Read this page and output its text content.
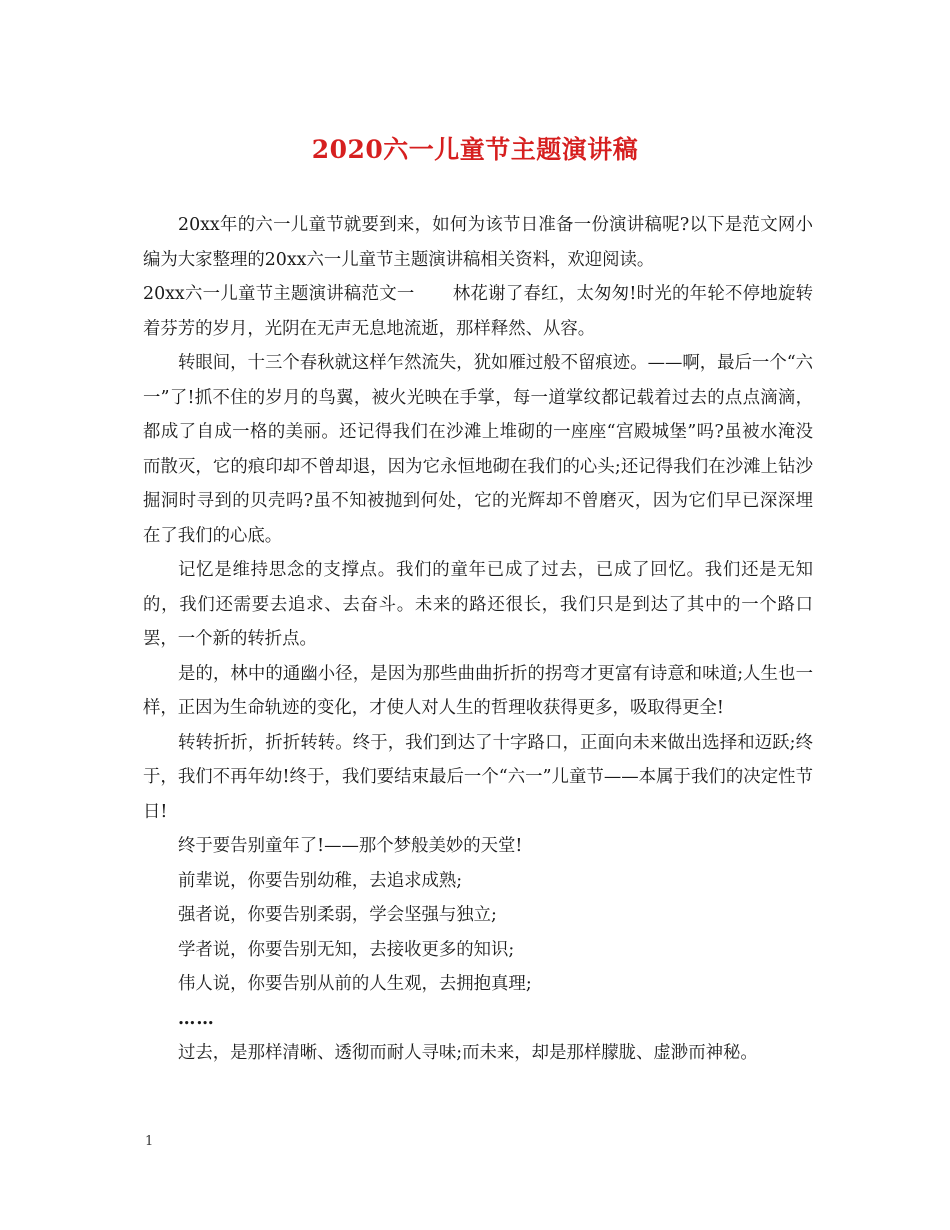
2020六一儿童节主题演讲稿

20xx年的六一儿童节就要到来，如何为该节日准备一份演讲稿呢?以下是范文网小编为大家整理的20xx六一儿童节主题演讲稿相关资料，欢迎阅读。

20xx六一儿童节主题演讲稿范文一 林花谢了春红，太匆匆!时光的年轮不停地旋转着芬芳的岁月，光阴在无声无息地流逝，那样释然、从容。

转眼间，十三个春秋就这样乍然流失，犹如雁过般不留痕迹。——啊，最后一个“六一”了!抓不住的岁月的鸟翼，被火光映在手掌，每一道掌纹都记载着过去的点点滴滴，都成了自成一格的美丽。还记得我们在沙滩上堆砌的一座座“宫殿城堡”吗?虽被水淹没而散灭，它的痕印却不曾却退，因为它永恒地砌在我们的心头;还记得我们在沙滩上钻沙掘洞时寻到的贝壳吗?虽不知被抛到何处，它的光辉却不曾磨灭，因为它们早已深深埋在了我们的心底。

记忆是维持思念的支撑点。我们的童年已成了过去，已成了回忆。我们还是无知的，我们还需要去追求、去奋斗。未来的路还很长，我们只是到达了其中的一个路口罢，一个新的转折点。

是的，林中的通幽小径，是因为那些曲曲折折的拐弯才更富有诗意和味道;人生也一样，正因为生命轨迹的变化，才使人对人生的哲理收获得更多，吸取得更全!

转转折折，折折转转。终于，我们到达了十字路口，正面向未来做出选择和迈跃;终于，我们不再年幼!终于，我们要结束最后一个“六一”儿童节——本属于我们的决定性节日!

终于要告别童年了!——那个梦般美妙的天堂!

前辈说，你要告别幼稚，去追求成熟;

强者说，你要告别柔弱，学会坚强与独立;

学者说，你要告别无知，去接收更多的知识;

伟人说，你要告别从前的人生观，去拥抱真理;

……

过去，是那样清晰、透彻而耐人寻味;而未来，却是那样朦胧、虚渺而神秘。

1
